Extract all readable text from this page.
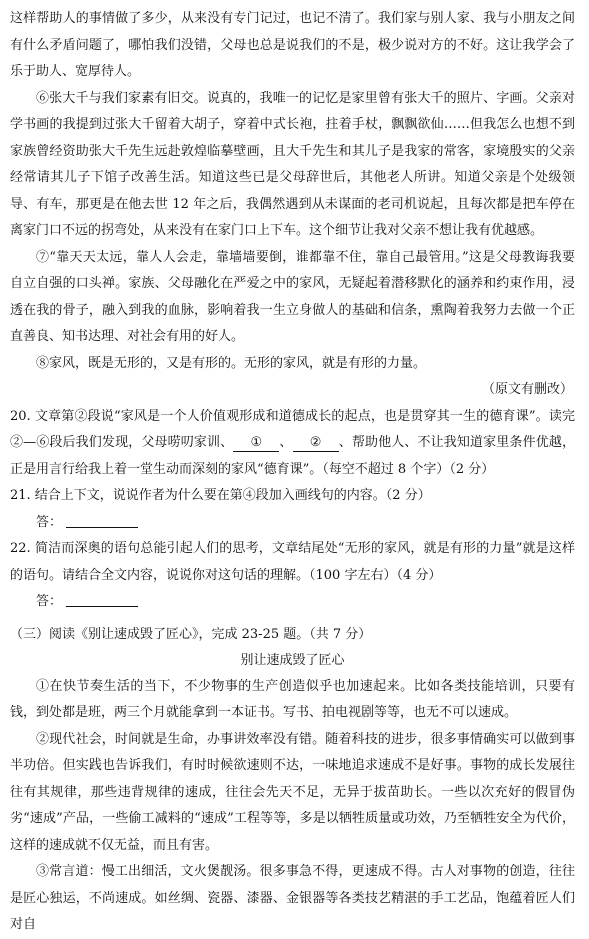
这样帮助人的事情做了多少，从来没有专门记过，也记不清了。我们家与别人家、我与小朋友之间有什么矛盾问题了，哪怕我们没错，父母也总是说我们的不是，极少说对方的不好。这让我学会了乐于助人、宽厚待人。

⑥张大千与我们家素有旧交。说真的，我唯一的记忆是家里曾有张大千的照片、字画。父亲对学书画的我提到过张大千留着大胡子，穿着中式长袍，拄着手杖，飘飘欲仙……但我怎么也想不到家族曾经资助张大千先生远赴敦煌临摹壁画，且大千先生和其儿子是我家的常客，家境殷实的父亲经常请其儿子下馆子改善生活。知道这些已是父母辞世后，其他老人所讲。知道父亲是个处级领导、有车，那更是在他去世 12 年之后，我偶然遇到从未谋面的老司机说起，且每次都是把车停在离家门口不远的拐弯处，从来没有在家门口上下车。这个细节让我对父亲不想让我有优越感。

⑦“靠天天太远，靠人人会走，靠墙墙要倒，谁都靠不住，靠自己最管用。”这是父母教诲我要自立自强的口头禅。家族、父母融化在严爱之中的家风，无疑起着潜移默化的涵养和约束作用，浸透在我的骨子，融入到我的血脉，影响着我一生立身做人的基础和信条，熏陶着我努力去做一个正直善良、知书达理、对社会有用的好人。

⑧家风，既是无形的，又是有形的。无形的家风，就是有形的力量。

（原文有删改）

20. 文章第②段说“家风是一个人价值观形成和道德成长的起点，也是贯穿其一生的德育课”。读完②—⑥段后我们发现，父母唠叨家训、 ① 、 ② 、帮助他人、不让我知道家里条件优越，正是用言行给我上着一堂生动而深刻的家风“德育课”。（每空不超过 8 个字）（2 分）

21. 结合上下文，说说作者为什么要在第④段加入画线句的内容。（2 分）

答：

22. 简洁而深奥的语句总能引起人们的思考，文章结尾处“无形的家风，就是有形的力量”就是这样的语句。请结合全文内容，说说你对这句话的理解。（100 字左右）（4 分）

答：

（三）阅读《别让速成毁了匠心》，完成 23-25 题。（共 7 分）

别让速成毁了匠心

①在快节奏生活的当下，不少物事的生产创造似乎也加速起来。比如各类技能培训，只要有钱，到处都是班，两三个月就能拿到一本证书。写书、拍电视剧等等，也无不可以速成。

②现代社会，时间就是生命，办事讲效率没有错。随着科技的进步，很多事情确实可以做到事半功倍。但实践也告诉我们，有时时候欲速则不达，一味地追求速成不是好事。事物的成长发展往往有其规律，那些违背规律的速成，往往会先天不足，无异于拔苗助长。一些以次充好的假冒伪劣“速成”产品，一些偷工减料的“速成”工程等等，多是以牺牲质量或功效，乃至牺牲安全为代价，这样的速成就不仅无益，而且有害。

③常言道：慢工出细活，文火煲靓汤。很多事急不得，更速成不得。古人对事物的创造，往往是匠心独运，不尚速成。如丝绸、瓷器、漆器、金银器等各类技艺精湛的手工艺品，饱蕴着匠人们对自
